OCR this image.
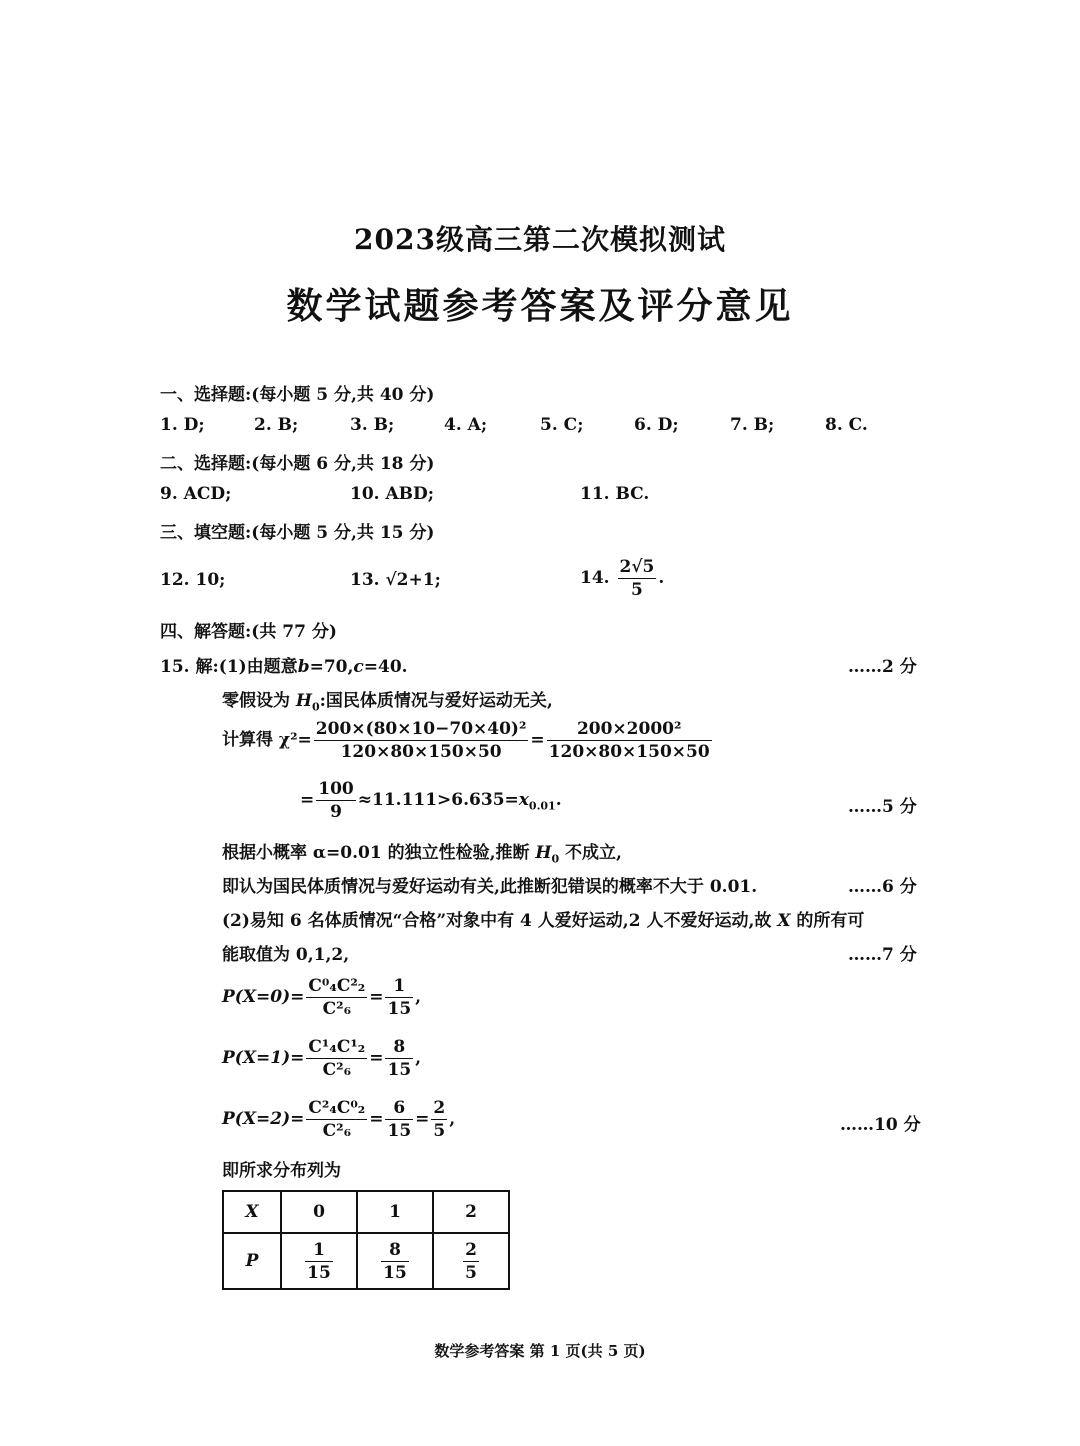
2023级高三第二次模拟测试
数学试题参考答案及评分意见
一、选择题:(每小题 5 分,共 40 分)
1. D;	2. B;	3. B;	4. A;	5. C;	6. D;	7. B;	8. C.
二、选择题:(每小题 6 分,共 18 分)
9. ACD;	10. ABD;	11. BC.
三、填空题:(每小题 5 分,共 15 分)
12. 10;	13. √2+1;	14. $\frac{2√5}{5}$ .
四、解答题:(共 77 分)
15. 解:(1)由题意b=70,c=40.	……2 分
零假设为 $H_0$:国民体质情况与爱好运动无关,
计算得 $\chi^2= \frac{\text{200×(80×10−70×40)²}}{120\times 80\times 150\times 50} = \frac{\text{200×2000²}}{120\times 80\times 150\times 50}$
= $\frac{100}{9} \approx 11.111>6.635=x_{0.01}$.	……5 分
根据小概率 α=0.01 的独立性检验,推断 $H_0$ 不成立,
即认为国民体质情况与爱好运动有关,此推断犯错误的概率不大于 0.01.	……6 分
(2)易知 6 名体质情况“合格”对象中有 4 人爱好运动,2 人不爱好运动,故 X 的所有可
能取值为 0,1,2,	……7 分
$P(X=0)= \frac{\text{C⁰₄C²₂}}{\text{C²₆}} = \frac{1}{15}$ ,
$P(X=1)= \frac{\text{C¹₄C¹₂}}{\text{C²₆}} = \frac{8}{15}$ ,
$P(X=2)= \frac{\text{C²₄C⁰₂}}{\text{C²₆}} = \frac{6}{15} = \frac{2}{5}$ ,	……10 分
即所求分布列为
X	0	1	2
P	$\frac{1}{15}$	$\frac{8}{15}$	$\frac{2}{5}$
数学参考答案 第 1 页(共 5 页)
